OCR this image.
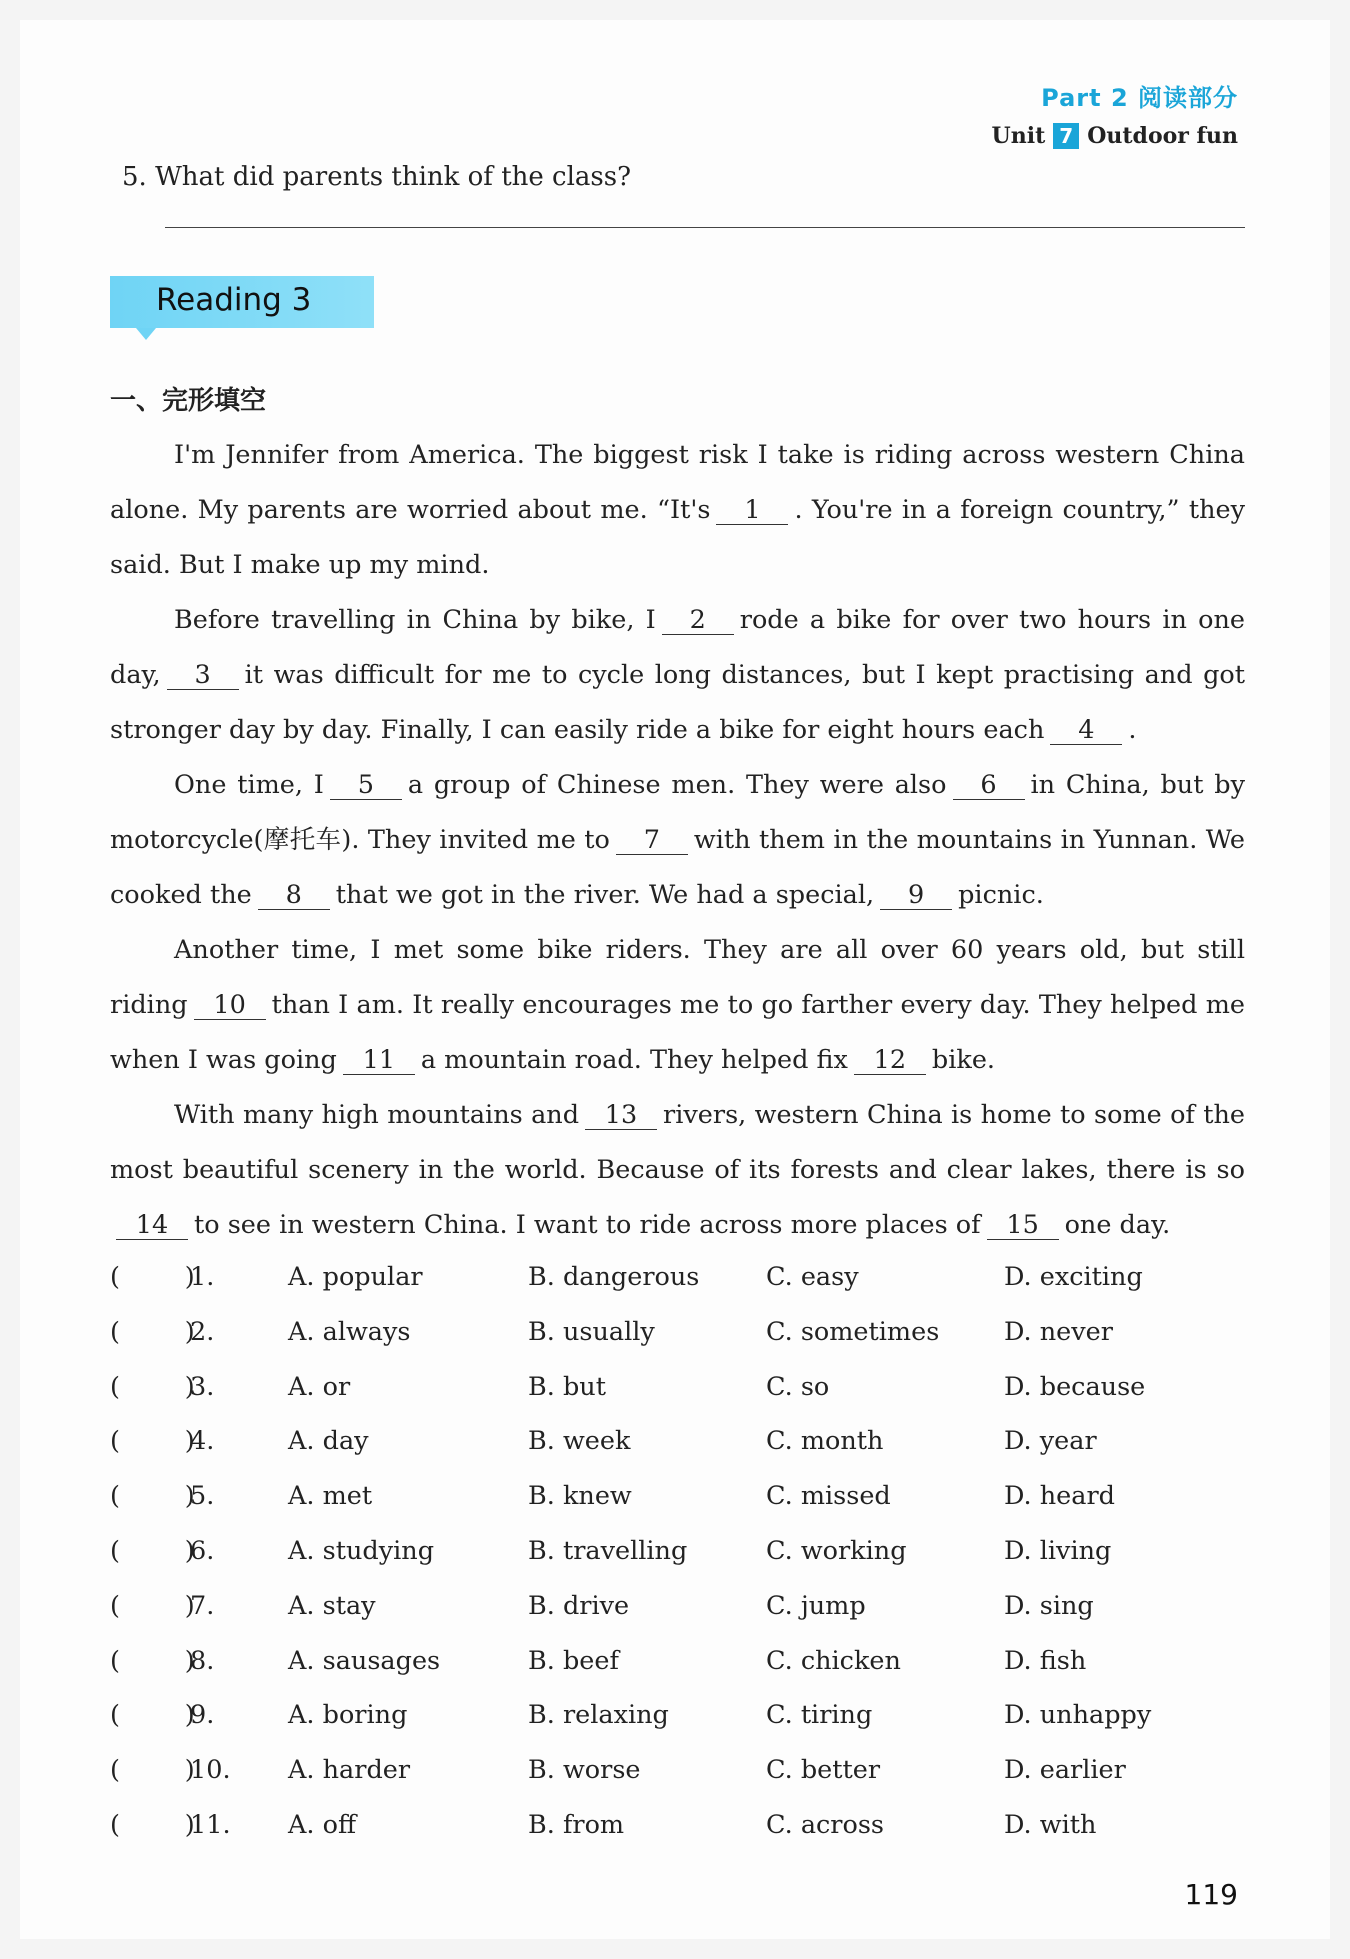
Part 2 阅读部分
Unit 7 Outdoor fun
5. What did parents think of the class?
Reading 3
一、完形填空

I'm Jennifer from America. The biggest risk I take is riding across western China alone. My parents are worried about me. “It's 1 . You're in a foreign country,” they said. But I make up my mind.

Before travelling in China by bike, I 2 rode a bike for over two hours in one day, 3 it was difficult for me to cycle long distances, but I kept practising and got stronger day by day. Finally, I can easily ride a bike for eight hours each 4 .

One time, I 5 a group of Chinese men. They were also 6 in China, but by motorcycle(摩托车). They invited me to 7 with them in the mountains in Yunnan. We cooked the 8 that we got in the river. We had a special, 9 picnic.

Another time, I met some bike riders. They are all over 60 years old, but still riding 10 than I am. It really encourages me to go farther every day. They helped me when I was going 11 a mountain road. They helped fix 12 bike.

With many high mountains and 13 rivers, western China is home to some of the most beautiful scenery in the world. Because of its forests and clear lakes, there is so14 to see in western China. I want to ride across more places of 15 one day.

(        )
1.	A. popular	B. dangerous	C. easy	D. exciting
(        )
2.	A. always	B. usually	C. sometimes	D. never
(        )
3.	A. or	B. but	C. so	D. because
(        )
4.	A. day	B. week	C. month	D. year
(        )
5.	A. met	B. knew	C. missed	D. heard
(        )
6.	A. studying	B. travelling	C. working	D. living
(        )
7.	A. stay	B. drive	C. jump	D. sing
(        )
8.	A. sausages	B. beef	C. chicken	D. fish
(        )
9.	A. boring	B. relaxing	C. tiring	D. unhappy
(        )
10. A. harder	B. worse	C. better	D. earlier
(        )
11. A. off	B. from	C. across	D. with
119
